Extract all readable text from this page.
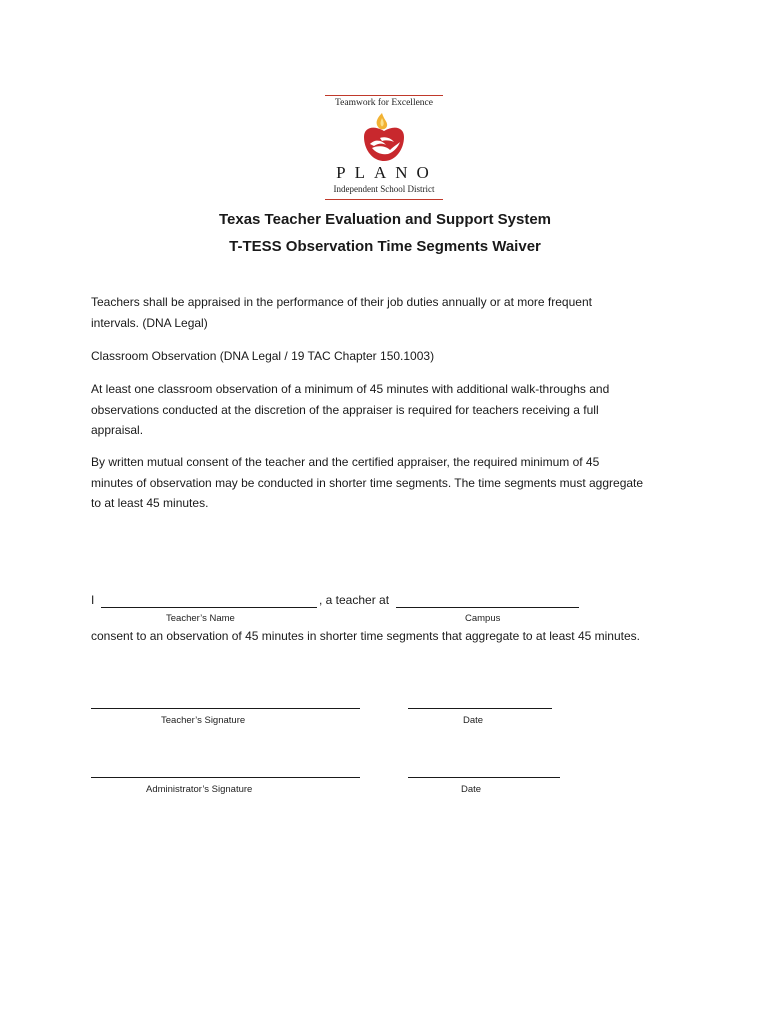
Teamwork for Excellence
PLANO
Independent School District
Texas Teacher Evaluation and Support System
T-TESS Observation Time Segments Waiver
Teachers shall be appraised in the performance of their job duties annually or at more frequent
intervals. (DNA Legal)
Classroom Observation (DNA Legal / 19 TAC Chapter 150.1003)
At least one classroom observation of a minimum of 45 minutes with additional walk-throughs and
observations conducted at the discretion of the appraiser is required for teachers receiving a full
appraisal.
By written mutual consent of the teacher and the certified appraiser, the required minimum of 45
minutes of observation may be conducted in shorter time segments. The time segments must aggregate
to at least 45 minutes.
I	, a teacher at
Teacher’s Name	Campus
consent to an observation of 45 minutes in shorter time segments that aggregate to at least 45 minutes.
Teacher’s Signature	Date
Administrator’s Signature	Date
